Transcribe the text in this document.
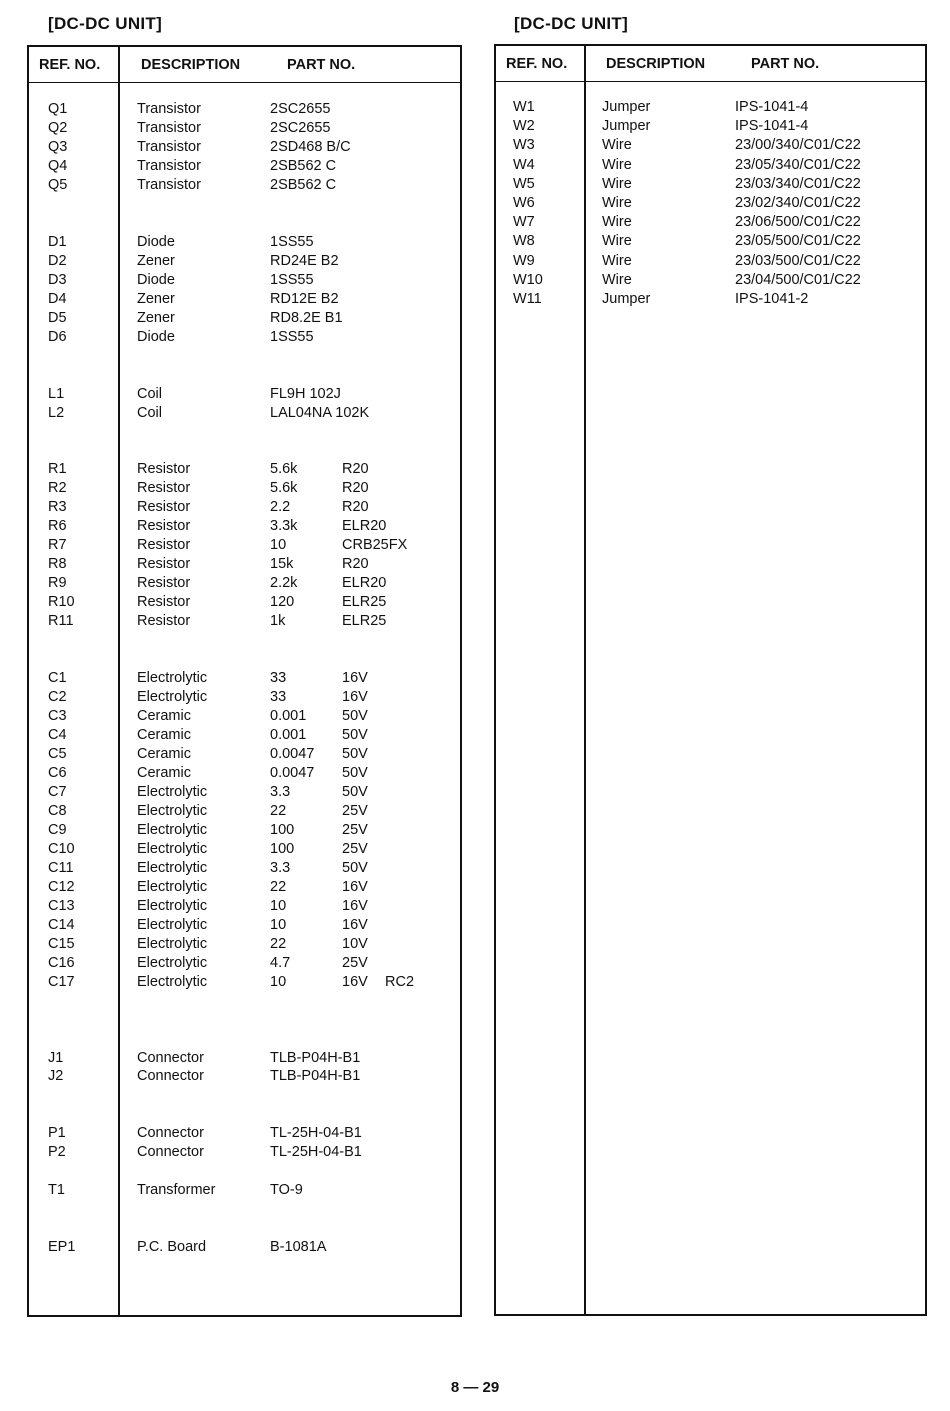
[DC-DC UNIT]	[DC-DC UNIT]
REF. NO.	DESCRIPTION	PART NO.
Q1	Transistor	2SC2655
Q2	Transistor	2SC2655
Q3	Transistor	2SD468 B/C
Q4	Transistor	2SB562 C
Q5	Transistor	2SB562 C
D1	Diode	1SS55
D2	Zener	RD24E B2
D3	Diode	1SS55
D4	Zener	RD12E B2
D5	Zener	RD8.2E B1
D6	Diode	1SS55
L1	Coil	FL9H 102J
L2	Coil	LAL04NA 102K
R1	Resistor	5.6k	R20
R2	Resistor	5.6k	R20
R3	Resistor	2.2	R20
R6	Resistor	3.3k	ELR20
R7	Resistor	10	CRB25FX
R8	Resistor	15k	R20
R9	Resistor	2.2k	ELR20
R10	Resistor	120	ELR25
R11	Resistor	1k	ELR25
C1	Electrolytic	33	16V
C2	Electrolytic	33	16V
C3	Ceramic	0.001 50V
C4	Ceramic	0.001 50V
C5	Ceramic	0.0047 50V
C6	Ceramic	0.0047 50V
C7	Electrolytic	3.3	50V
C8	Electrolytic	22	25V
C9	Electrolytic	100	25V
C10	Electrolytic	100	25V
C11	Electrolytic	3.3	50V
C12	Electrolytic	22	16V
C13	Electrolytic	10	16V
C14	Electrolytic	10	16V
C15	Electrolytic	22	10V
C16	Electrolytic	4.7	25V
C17	Electrolytic	10	16V RC2
J1	Connector	TLB-P04H-B1
J2	Connector	TLB-P04H-B1
P1	Connector	TL-25H-04-B1
P2	Connector	TL-25H-04-B1
T1	Transformer	TO-9
EP1	P.C. Board	B-1081A
REF. NO.	DESCRIPTION	PART NO.
W1	Jumper	IPS-1041-4
W2	Jumper	IPS-1041-4
W3	Wire	23/00/340/C01/C22
W4	Wire	23/05/340/C01/C22
W5	Wire	23/03/340/C01/C22
W6	Wire	23/02/340/C01/C22
W7	Wire	23/06/500/C01/C22
W8	Wire	23/05/500/C01/C22
W9	Wire	23/03/500/C01/C22
W10	Wire	23/04/500/C01/C22
W11	Jumper	IPS-1041-2
8 — 29
